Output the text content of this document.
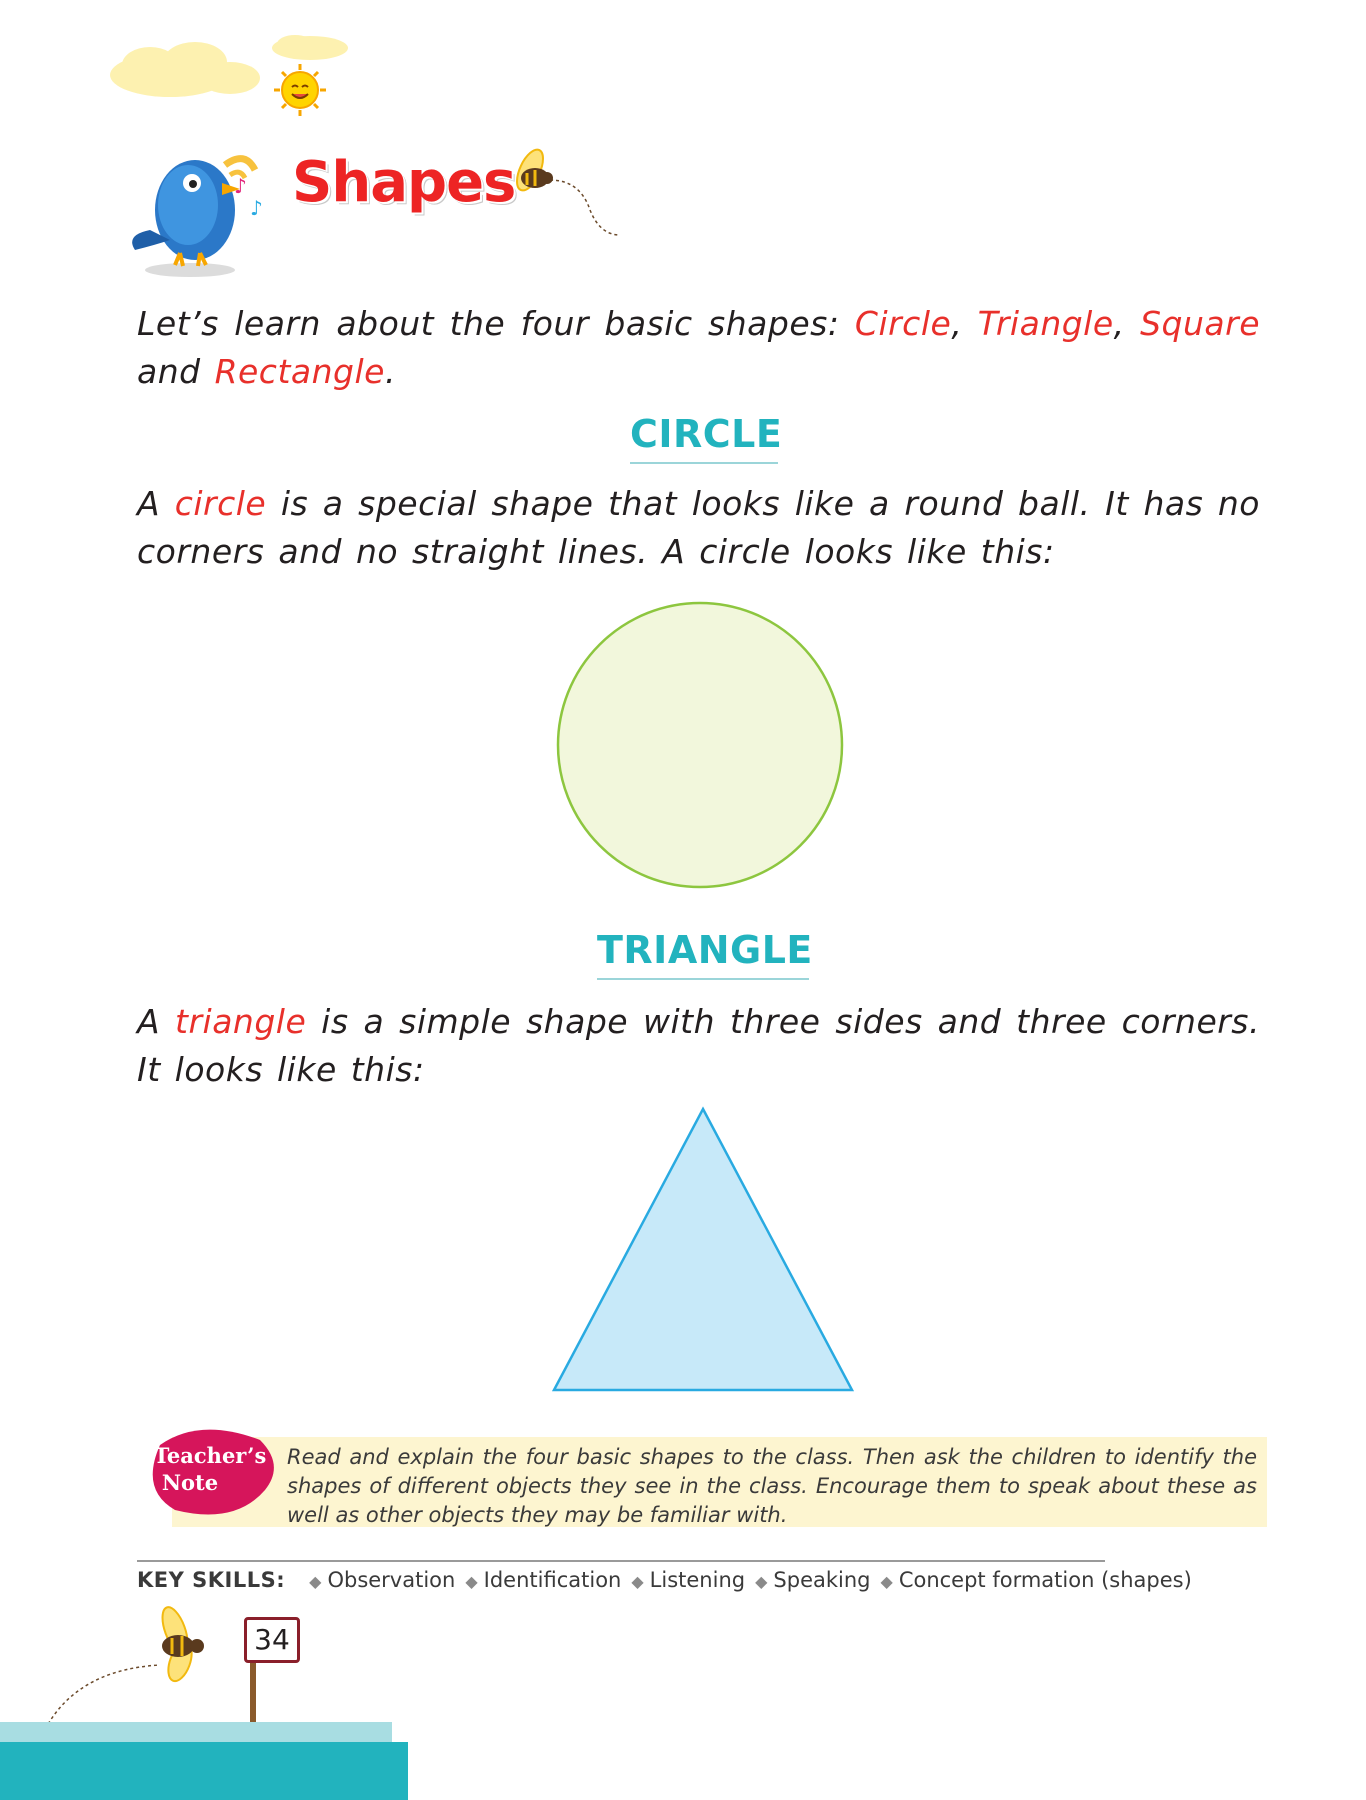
♪
♪ Shapes
Let’s learn about the four basic shapes: Circle, Triangle, Square and Rectangle.
CIRCLE
A circle is a special shape that looks like a round ball. It has no corners and no straight lines. A circle looks like this:
TRIANGLE
A triangle is a simple shape with three sides and three corners. It looks like this:
Teacher’s
Note
Read and explain the four basic shapes to the class. Then ask the children to identify the shapes of different objects they see in the class. Encourage them to speak about these as well as other objects they may be familiar with.
KEY SKILLS: ◆ Observation ◆ Identification ◆ Listening ◆ Speaking ◆ Concept formation (shapes)
34
